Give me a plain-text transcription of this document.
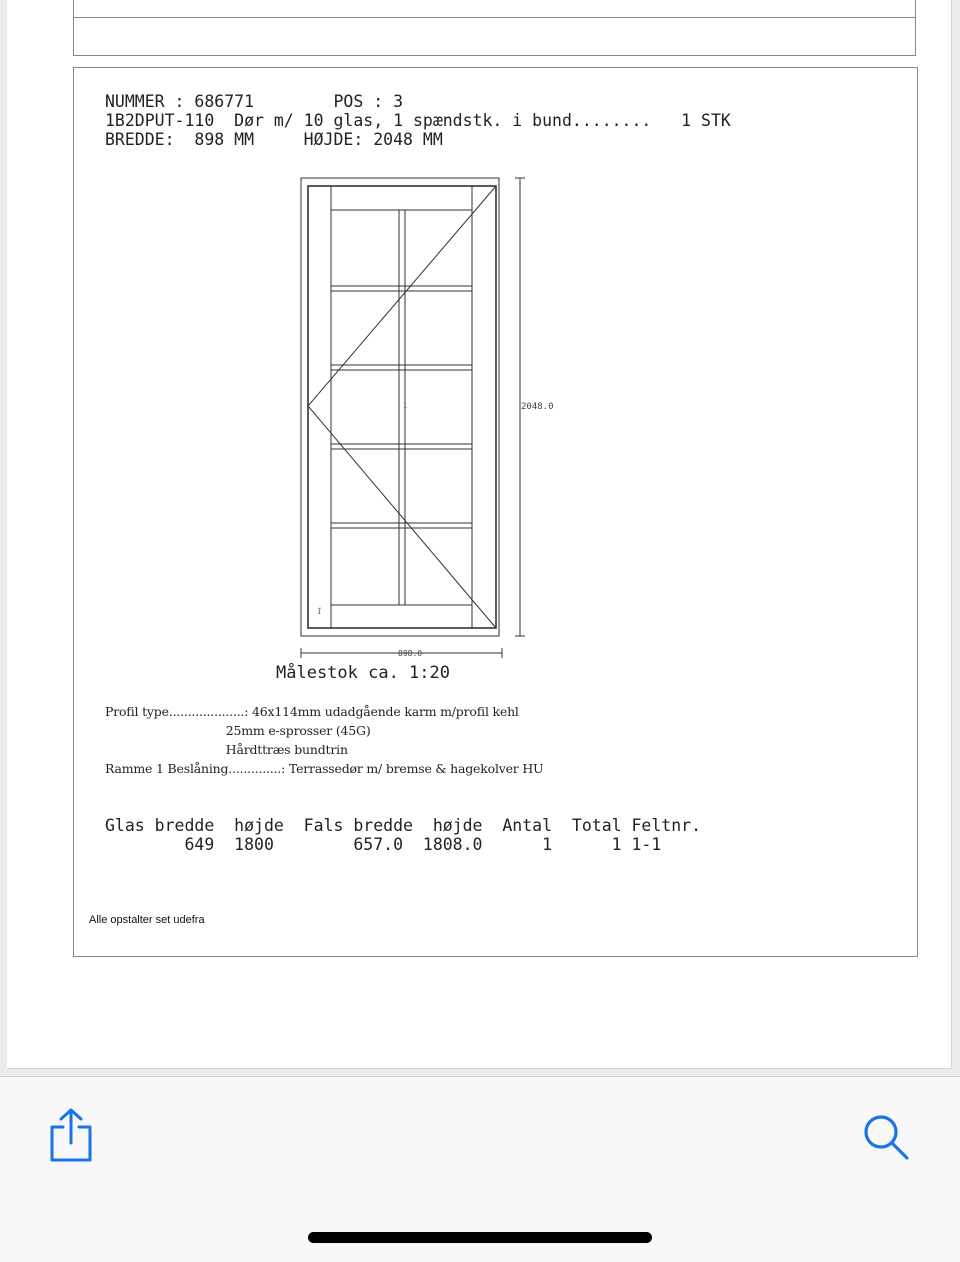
NUMMER : 686771        POS : 3
1B2DPUT-110  Dør m/ 10 glas, 1 spændstk. i bund........   1 STK
BREDDE:  898 MM     HØJDE: 2048 MM
2048.0
898.0
1
1
Målestok ca. 1:20
Profil type....................: 46x114mm udadgående karm m/profil kehl
25mm e-sprosser (45G)
Hårdttræs bundtrin
Ramme 1 Beslåning..............: Terrassedør m/ bremse & hagekolver HU
Glas bredde  højde  Fals bredde  højde  Antal  Total Feltnr.
649  1800        657.0  1808.0      1      1 1-1
Alle opstalter set udefra
